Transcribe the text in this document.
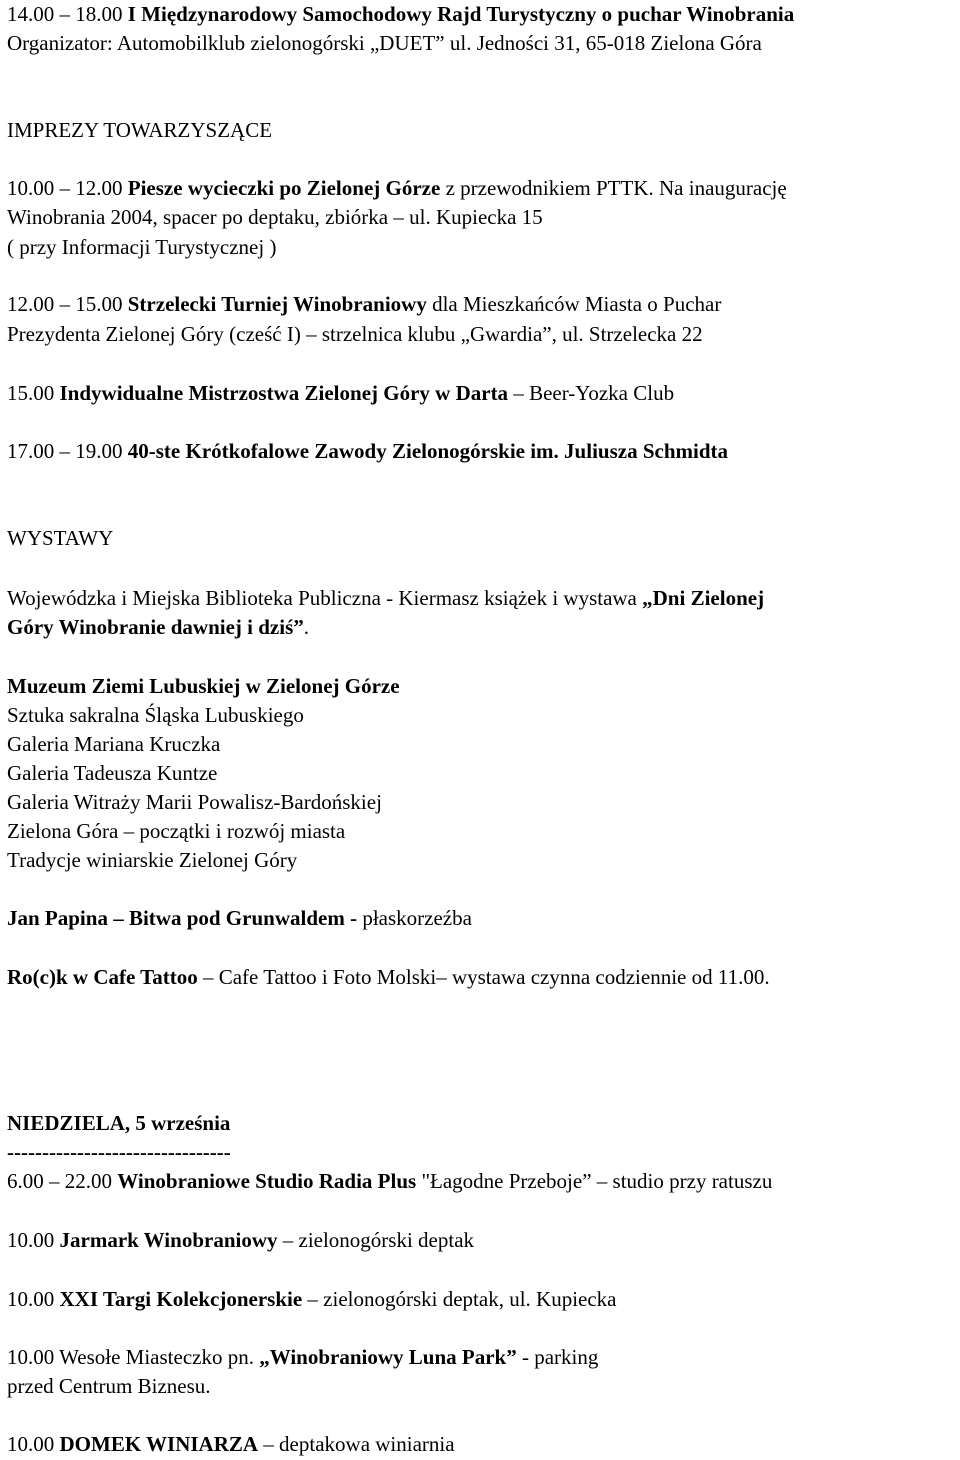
14.00 – 18.00 I Międzynarodowy Samochodowy Rajd Turystyczny o puchar Winobrania
Organizator: Automobilklub zielonogórski „DUET” ul. Jedności 31, 65-018 Zielona Góra
IMPREZY TOWARZYSZĄCE
10.00 – 12.00 Piesze wycieczki po Zielonej Górze z przewodnikiem PTTK. Na inaugurację
Winobrania 2004, spacer po deptaku, zbiórka – ul. Kupiecka 15
( przy Informacji Turystycznej )
12.00 – 15.00 Strzelecki Turniej Winobraniowy dla Mieszkańców Miasta o Puchar
Prezydenta Zielonej Góry (cześć I) – strzelnica klubu „Gwardia”, ul. Strzelecka 22
15.00 Indywidualne Mistrzostwa Zielonej Góry w Darta – Beer-Yozka Club
17.00 – 19.00 40-ste Krótkofalowe Zawody Zielonogórskie im. Juliusza Schmidta
WYSTAWY
Wojewódzka i Miejska Biblioteka Publiczna - Kiermasz książek i wystawa „Dni Zielonej
Góry Winobranie dawniej i dziś”.
Muzeum Ziemi Lubuskiej w Zielonej Górze
Sztuka sakralna Śląska Lubuskiego
Galeria Mariana Kruczka
Galeria Tadeusza Kuntze
Galeria Witraży Marii Powalisz-Bardońskiej
Zielona Góra – początki i rozwój miasta
Tradycje winiarskie Zielonej Góry
Jan Papina – Bitwa pod Grunwaldem - płaskorzeźba
Ro(c)k w Cafe Tattoo – Cafe Tattoo i Foto Molski– wystawa czynna codziennie od 11.00.
NIEDZIELA, 5 września
--------------------------------
6.00 – 22.00 Winobraniowe Studio Radia Plus "Łagodne Przeboje” – studio przy ratuszu
10.00 Jarmark Winobraniowy – zielonogórski deptak
10.00 XXI Targi Kolekcjonerskie – zielonogórski deptak, ul. Kupiecka
10.00 Wesołe Miasteczko pn. „Winobraniowy Luna Park” - parking
przed Centrum Biznesu.
10.00 DOMEK WINIARZA – deptakowa winiarnia
